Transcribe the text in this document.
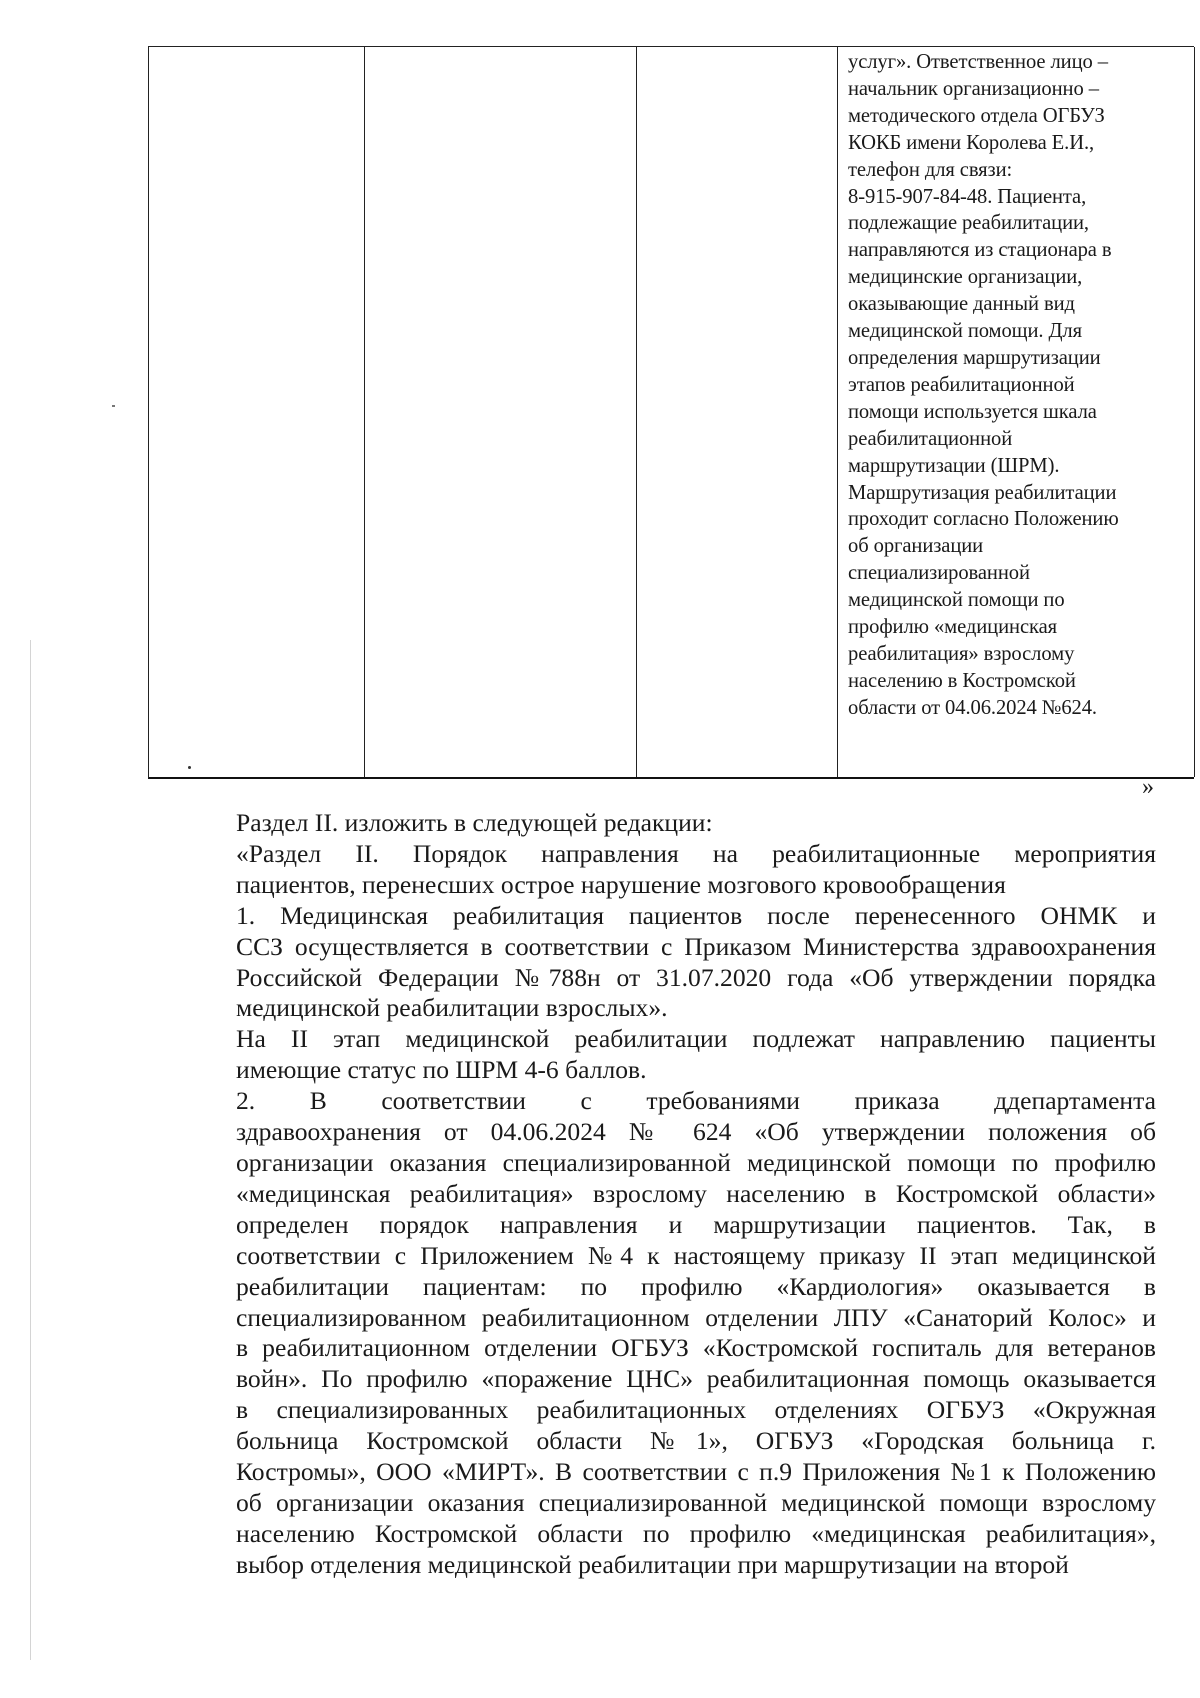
услуг». Ответственное лицо –
начальник организационно –
методического отдела ОГБУЗ
КОКБ имени Королева Е.И.,
телефон для связи:
8-915-907-84-48. Пациента,
подлежащие реабилитации,
направляются из стационара в
медицинские организации,
оказывающие данный вид
медицинской помощи. Для
определения маршрутизации
этапов реабилитационной
помощи используется шкала
реабилитационной
маршрутизации (ШРМ).
Маршрутизация реабилитации
проходит согласно Положению
об организации
специализированной
медицинской помощи по
профилю «медицинская
реабилитация» взрослому
населению в Костромской
области от 04.06.2024 №624.
»
Раздел II. изложить в следующей редакции:
«Раздел II. Порядок направления на реабилитационные мероприятия
пациентов, перенесших острое нарушение мозгового кровообращения
1. Медицинская реабилитация пациентов после перенесенного ОНМК и
ССЗ осуществляется в соответствии с Приказом Министерства здравоохранения
Российской Федерации №788н от 31.07.2020 года «Об утверждении порядка
медицинской реабилитации взрослых».
На II этап медицинской реабилитации подлежат направлению пациенты
имеющие статус по ШРМ 4-6 баллов.
2. В соответствии с требованиями приказа ддепартамента
здравоохранения от 04.06.2024 № 624 «Об утверждении положения об
организации оказания специализированной медицинской помощи по профилю
«медицинская реабилитация» взрослому населению в Костромской области»
определен порядок направления и маршрутизации пациентов. Так, в
соответствии с Приложением №4 к настоящему приказу II этап медицинской
реабилитации пациентам: по профилю «Кардиология» оказывается в
специализированном реабилитационном отделении ЛПУ «Санаторий Колос» и
в реабилитационном отделении ОГБУЗ «Костромской госпиталь для ветеранов
войн». По профилю «поражение ЦНС» реабилитационная помощь оказывается
в специализированных реабилитационных отделениях ОГБУЗ «Окружная
больница Костромской области №1», ОГБУЗ «Городская больница г.
Костромы», ООО «МИРТ». В соответствии с п.9 Приложения №1 к Положению
об организации оказания специализированной медицинской помощи взрослому
населению Костромской области по профилю «медицинская реабилитация»,
выбор отделения медицинской реабилитации при маршрутизации на второй
